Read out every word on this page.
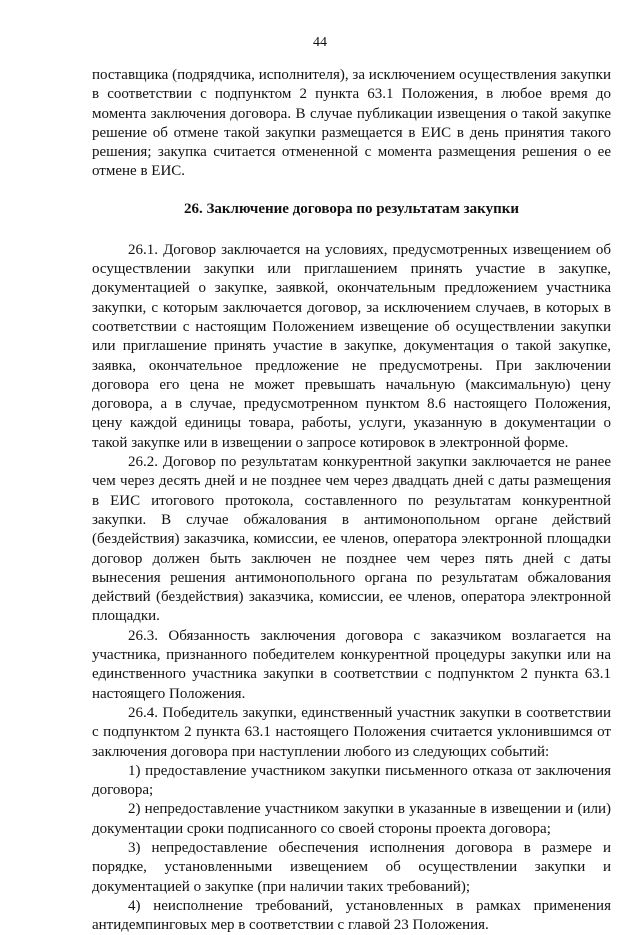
44

поставщика (подрядчика, исполнителя), за исключением осуществления закупки в соответствии с подпунктом 2 пункта 63.1 Положения, в любое время до момента заключения договора. В случае публикации извещения о такой закупке решение об отмене такой закупки размещается в ЕИС в день принятия такого решения; закупка считается отмененной с момента размещения решения о ее отмене в ЕИС.

26. Заключение договора по результатам закупки

26.1. Договор заключается на условиях, предусмотренных извещением об осуществлении закупки или приглашением принять участие в закупке, документацией о закупке, заявкой, окончательным предложением участника закупки, с которым заключается договор, за исключением случаев, в которых в соответствии с настоящим Положением извещение об осуществлении закупки или приглашение принять участие в закупке, документация о такой закупке, заявка, окончательное предложение не предусмотрены. При заключении договора его цена не может превышать начальную (максимальную) цену договора, а в случае, предусмотренном пунктом 8.6 настоящего Положения, цену каждой единицы товара, работы, услуги, указанную в документации о такой закупке или в извещении о запросе котировок в электронной форме.

26.2. Договор по результатам конкурентной закупки заключается не ранее чем через десять дней и не позднее чем через двадцать дней с даты размещения в ЕИС итогового протокола, составленного по результатам конкурентной закупки. В случае обжалования в антимонопольном органе действий (бездействия) заказчика, комиссии, ее членов, оператора электронной площадки договор должен быть заключен не позднее чем через пять дней с даты вынесения решения антимонопольного органа по результатам обжалования действий (бездействия) заказчика, комиссии, ее членов, оператора электронной площадки.

26.3. Обязанность заключения договора с заказчиком возлагается на участника, признанного победителем конкурентной процедуры закупки или на единственного участника закупки в соответствии с подпунктом 2 пункта 63.1 настоящего Положения.

26.4. Победитель закупки, единственный участник закупки в соответствии с подпунктом 2 пункта 63.1 настоящего Положения считается уклонившимся от заключения договора при наступлении любого из следующих событий:

1) предоставление участником закупки письменного отказа от заключения договора;

2) непредоставление участником закупки в указанные в извещении и (или) документации сроки подписанного со своей стороны проекта договора;

3) непредоставление обеспечения исполнения договора в размере и порядке, установленными извещением об осуществлении закупки и документацией о закупке (при наличии таких требований);

4) неисполнение требований, установленных в рамках применения антидемпинговых мер в соответствии с главой 23 Положения.
